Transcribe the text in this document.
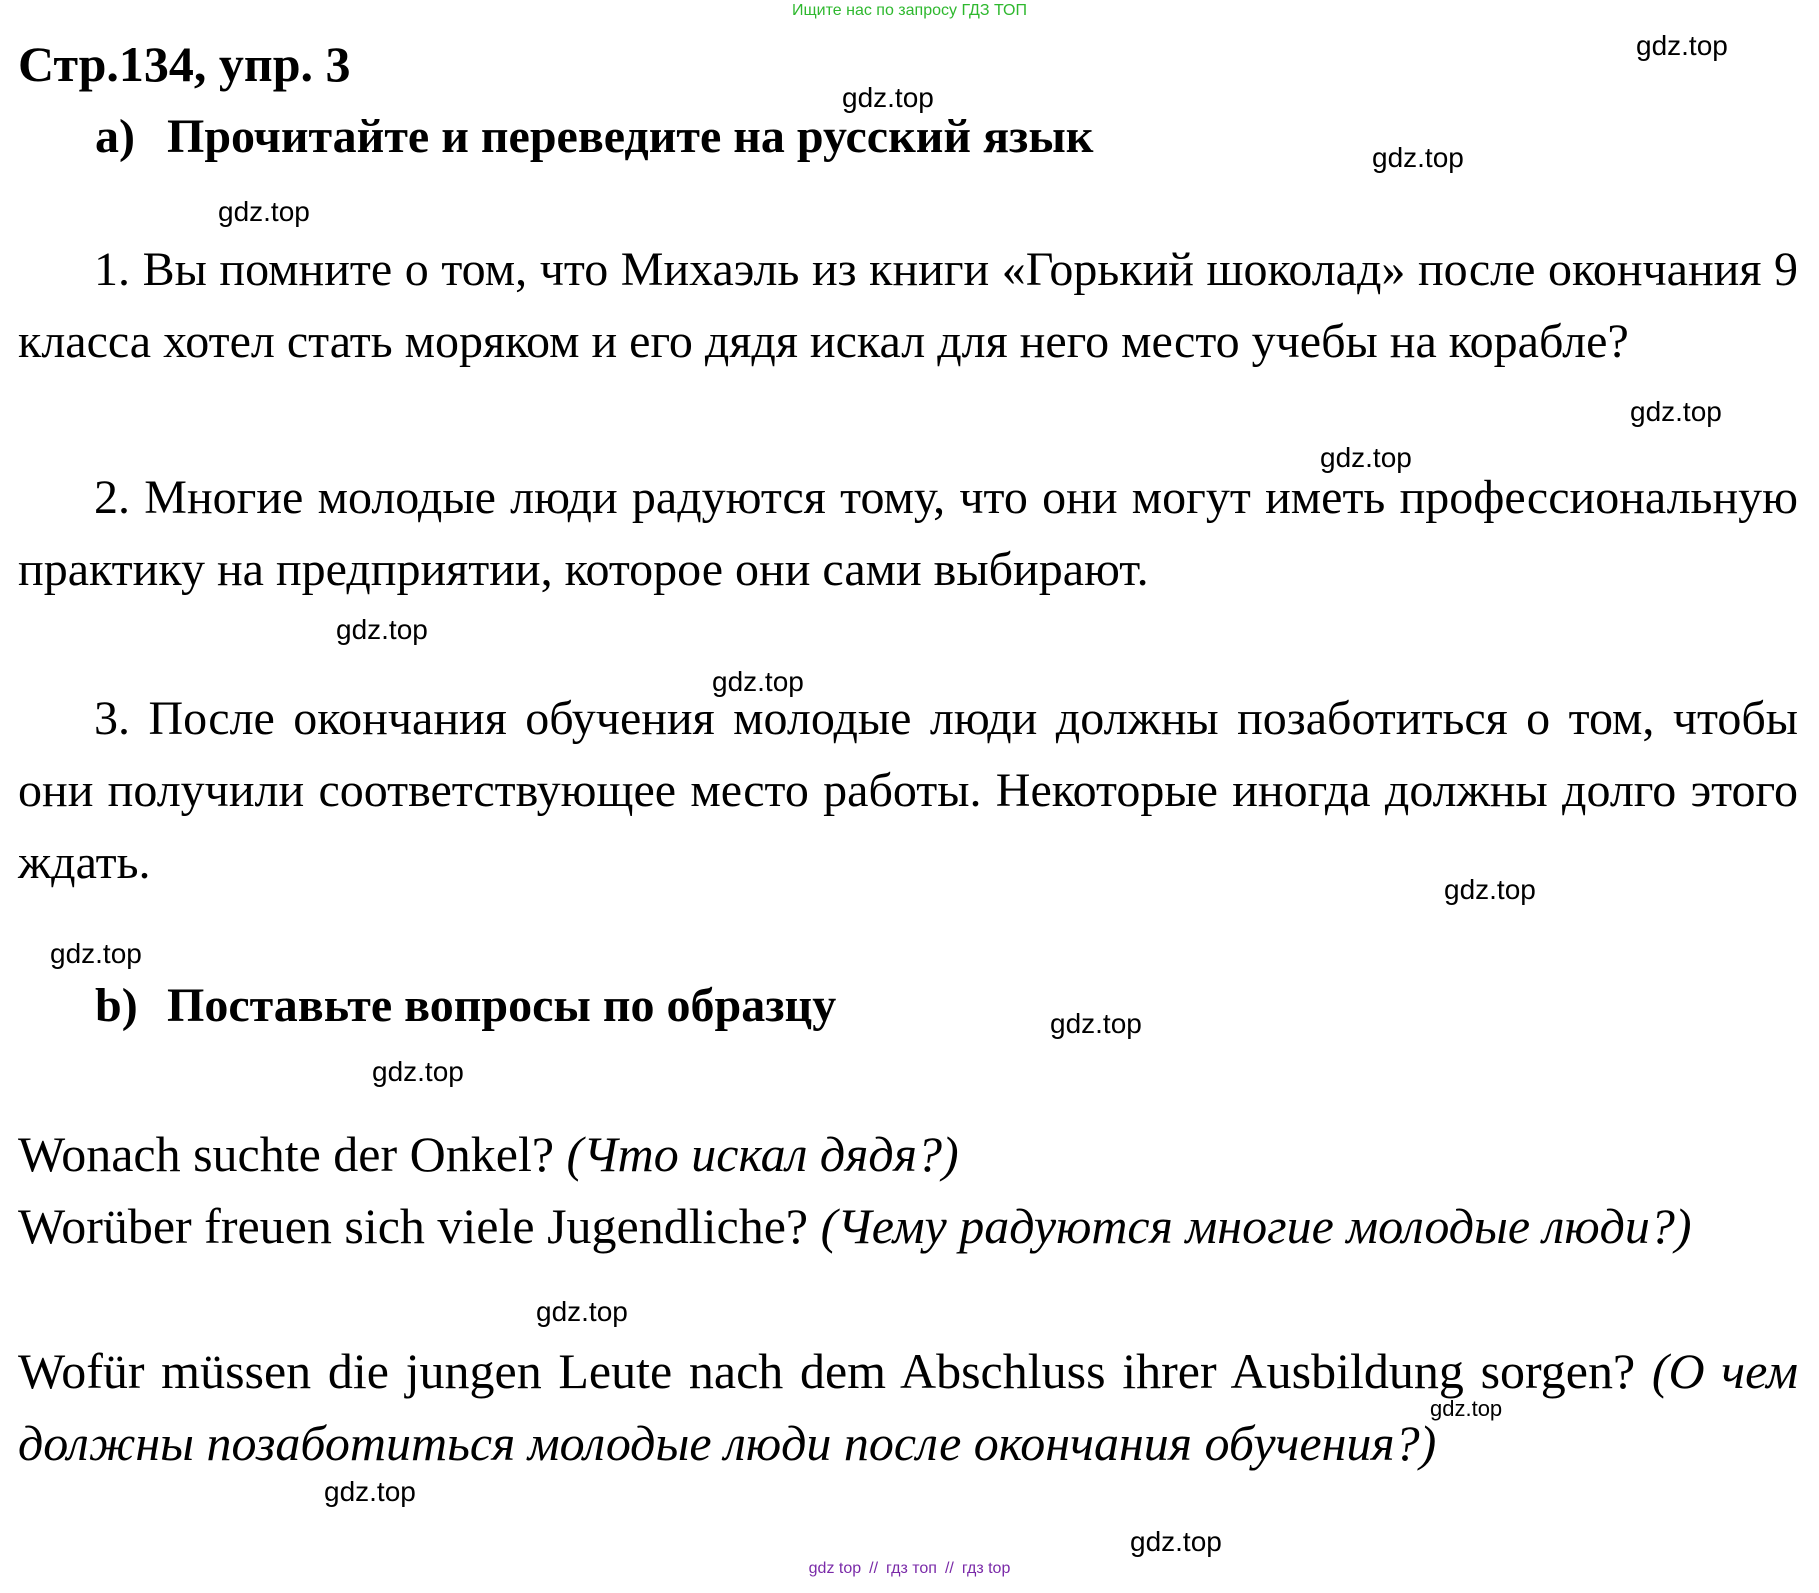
Ищите нас по запросу ГДЗ ТОП
Стр.134, упр. 3
a) Прочитайте и переведите на русский язык

1. Вы помните о том, что Михаэль из книги «Горький шоколад» после окончания 9 класса хотел стать моряком и его дядя искал для него место учебы на корабле?

2. Многие молодые люди радуются тому, что они могут иметь профессиональную практику на предприятии, которое они сами выбирают.

3. После окончания обучения молодые люди должны позаботиться о том, чтобы они получили соответствующее место работы. Некоторые иногда должны долго этого ждать.

b) Поставьте вопросы по образцу

Wonach suchte der Onkel? (Что искал дядя?)

Worüber freuen sich viele Jugendliche? (Чему радуются многие молодые люди?)

Wofür müssen die jungen Leute nach dem Abschluss ihrer Ausbildung sorgen? (О чем должны позаботиться молодые люди после окончания обучения?)

gdz.top
gdz.top
gdz.top
gdz.top
gdz.top
gdz.top
gdz.top
gdz.top
gdz.top
gdz.top
gdz.top
gdz.top
gdz.top
gdz.top
gdz.top
gdz.top
gdz top // гдз топ // гдз top
